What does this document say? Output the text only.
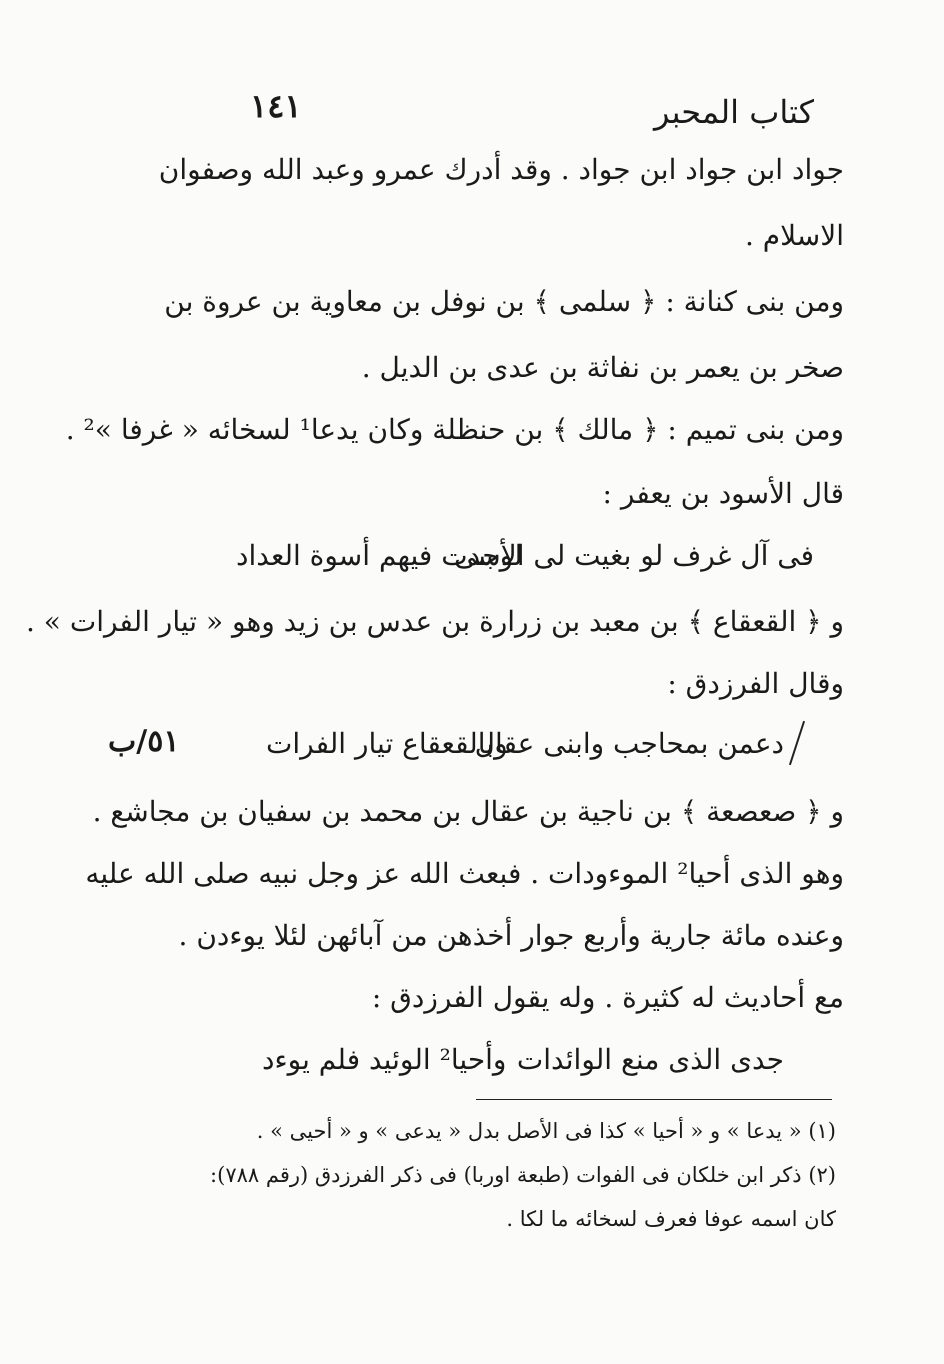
كتاب المحبر
١٤١
جواد ابن جواد ابن جواد . وقد أدرك عمرو وعبد الله وصفوان
الاسلام .
ومن بنى كنانة : ﴿ سلمى ﴾ بن نوفل بن معاوية بن عروة بن
صخر بن يعمر بن نفاثة بن عدى بن الديل .
ومن بنى تميم : ﴿ مالك ﴾ بن حنظلة وكان يدعا¹ لسخائه « غرفا »² .
قال الأسود بن يعفر :
فى آل غرف لو بغيت لى الأسى
لوجدت فيهم أسوة العداد
و ﴿ القعقاع ﴾ بن معبد بن زرارة بن عدس بن زيد وهو « تيار الفرات » .
وقال الفرزدق :
٥١/ب	دعمن بمحاجب وابنى عقال
وبالقعقاع تيار الفرات
و ﴿ صعصعة ﴾ بن ناجية بن عقال بن محمد بن سفيان بن مجاشع .
وهو الذى أحيا² الموءودات . فبعث الله عز وجل نبيه صلى الله عليه
وعنده مائة جارية وأربع جوار أخذهن من آبائهن لئلا يوءدن .
مع أحاديث له كثيرة . وله يقول الفرزدق :
جدى الذى منع الوائدات
وأحيا² الوئيد فلم يوءد
(١) « يدعا » و « أحيا » كذا فى الأصل بدل « يدعى » و « أحيى » .
(٢) ذكر ابن خلكان فى الفوات (طبعة اوربا) فى ذكر الفرزدق (رقم ٧٨٨):
كان اسمه عوفا فعرف لسخائه ما لكا .
